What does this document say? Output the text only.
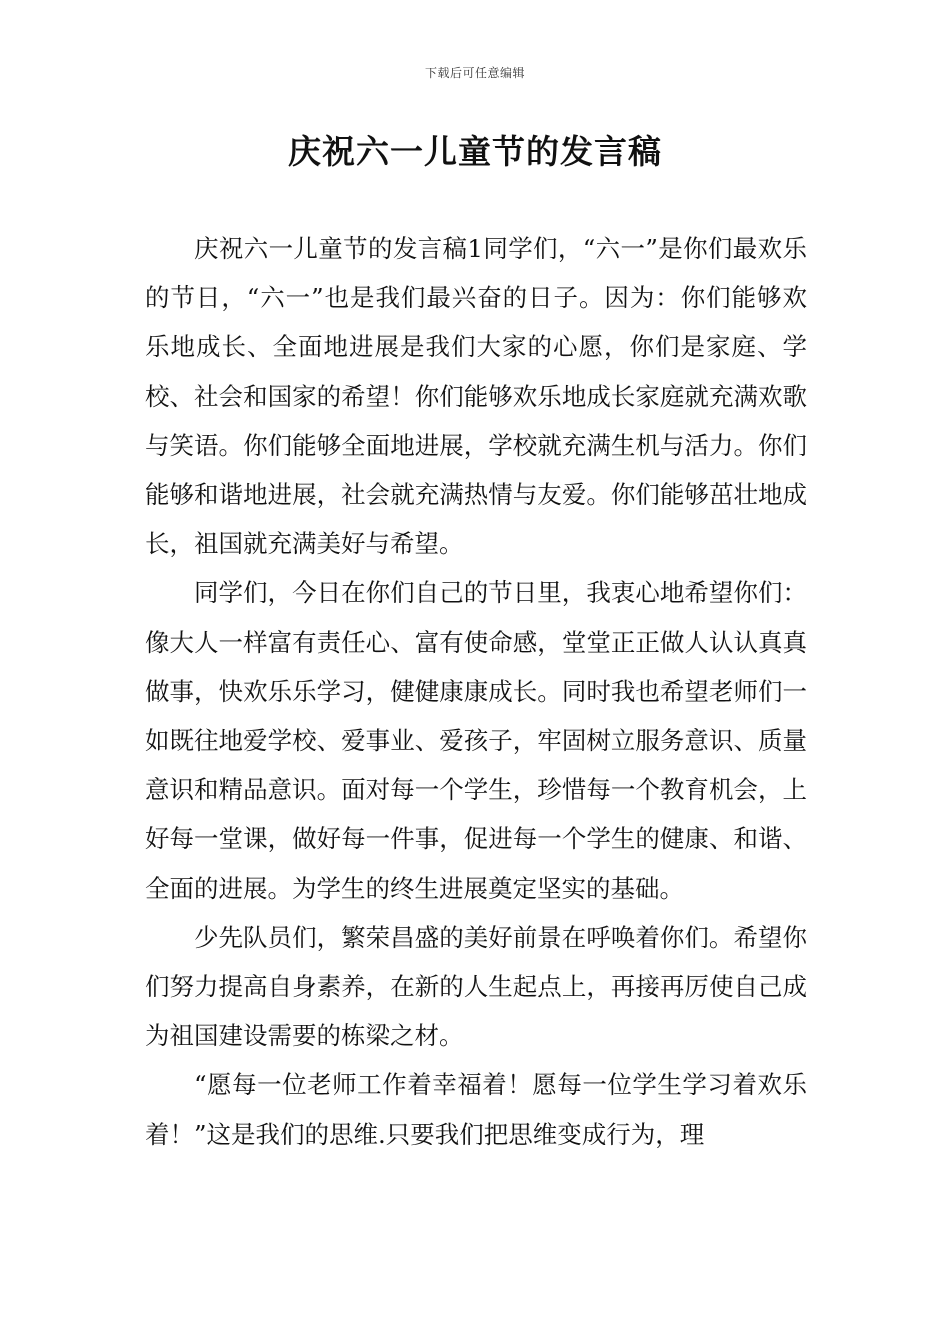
下载后可任意编辑
庆祝六一儿童节的发言稿

庆祝六一儿童节的发言稿1同学们，“六一”是你们最欢乐的节日，“六一”也是我们最兴奋的日子。因为：你们能够欢乐地成长、全面地进展是我们大家的心愿，你们是家庭、学校、社会和国家的希望！你们能够欢乐地成长家庭就充满欢歌与笑语。你们能够全面地进展，学校就充满生机与活力。你们能够和谐地进展，社会就充满热情与友爱。你们能够茁壮地成长，祖国就充满美好与希望。

同学们，今日在你们自己的节日里，我衷心地希望你们：像大人一样富有责任心、富有使命感，堂堂正正做人认认真真做事，快欢乐乐学习，健健康康成长。同时我也希望老师们一如既往地爱学校、爱事业、爱孩子，牢固树立服务意识、质量意识和精品意识。面对每一个学生，珍惜每一个教育机会，上好每一堂课，做好每一件事，促进每一个学生的健康、和谐、全面的进展。为学生的终生进展奠定坚实的基础。

少先队员们，繁荣昌盛的美好前景在呼唤着你们。希望你们努力提高自身素养，在新的人生起点上，再接再厉使自己成为祖国建设需要的栋梁之材。

“愿每一位老师工作着幸福着！愿每一位学生学习着欢乐着！”这是我们的思维.只要我们把思维变成行为，理
